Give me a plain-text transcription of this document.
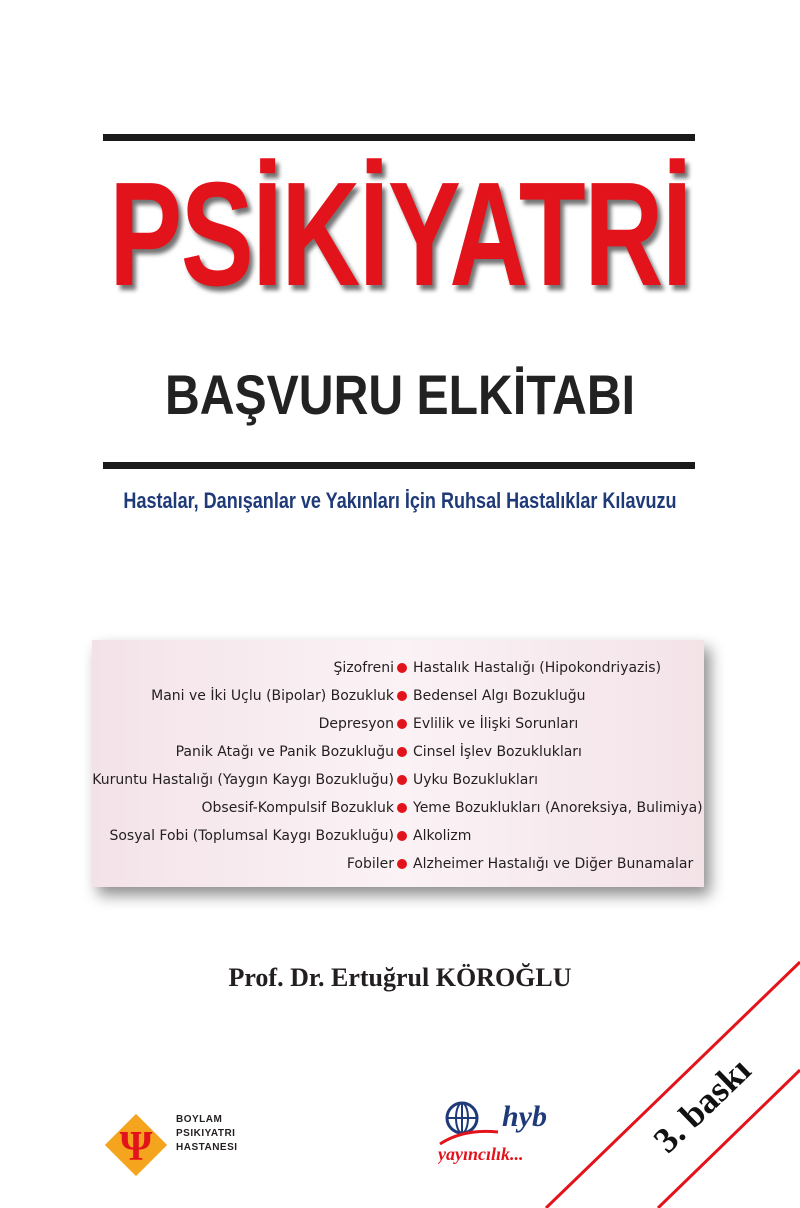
PSİKİYATRİ
BAŞVURU ELKİTABI
Hastalar, Danışanlar ve Yakınları İçin Ruhsal Hastalıklar Kılavuzu
Şizofreni Hastalık Hastalığı (Hipokondriyazis)
Mani ve İki Uçlu (Bipolar) Bozukluk Bedensel Algı Bozukluğu
Depresyon Evlilik ve İlişki Sorunları
Panik Atağı ve Panik Bozukluğu Cinsel İşlev Bozuklukları
Kuruntu Hastalığı (Yaygın Kaygı Bozukluğu) Uyku Bozuklukları
Obsesif-Kompulsif Bozukluk Yeme Bozuklukları (Anoreksiya, Bulimiya)
Sosyal Fobi (Toplumsal Kaygı Bozukluğu) Alkolizm
Fobiler Alzheimer Hastalığı ve Diğer Bunamalar
Prof. Dr. Ertuğrul KÖROĞLU
3. baskı
Ψ
BOYLAM
PSIKIYATRI
HASTANESI
hyb
yayıncılık...
